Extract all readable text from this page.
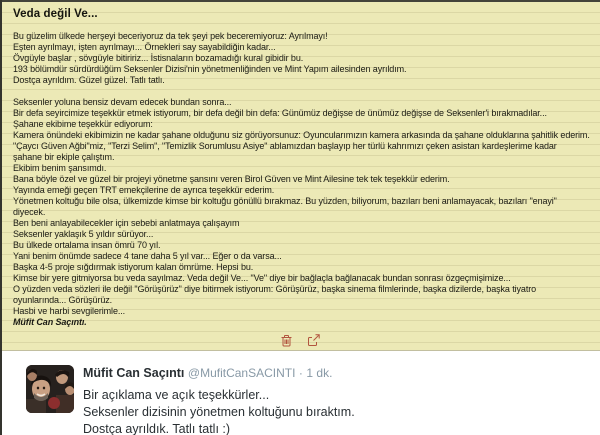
Veda değil Ve...
Bu güzelim ülkede herşeyi beceriyoruz da tek şeyi pek beceremiyoruz: Ayrılmayı!
Eşten ayrılmayı, işten ayrılmayı... Örnekleri say sayabildiğin kadar...
Övgüyle başlar , sövgüyle bitiririz... İstisnaların bozamadığı kural gibidir bu.
193 bölümdür sürdürdüğüm Seksenler Dizisi'nin yönetmenliğinden ve Mint Yapım ailesinden ayrıldım.
Dostça ayrıldım. Güzel güzel. Tatlı tatlı.
Seksenler yoluna bensiz devam edecek bundan sonra...
Bir defa seyircimize teşekkür etmek istiyorum, bir defa değil bin defa: Günümüz değişse de ünümüz değişse de Seksenler'i bırakmadılar...
Şahane ekibime teşekkür ediyorum:
Kamera önündeki ekibimizin ne kadar şahane olduğunu siz görüyorsunuz: Oyuncularımızın kamera arkasında da şahane olduklarına şahitlik ederim.
"Çaycı Güven Ağbi"miz, "Terzi Selim", "Temizlik Sorumlusu Asiye" ablamızdan başlayıp her türlü kahrımızı çeken asistan kardeşlerime kadar
şahane bir ekiple çalıştım.
Ekibim benim şansımdı.
Bana böyle özel ve güzel bir projeyi yönetme şansını veren Birol Güven ve Mint Ailesine tek tek teşekkür ederim.
Yayında emeği geçen TRT emekçilerine de ayrıca teşekkür ederim.
Yönetmen koltuğu bile olsa, ülkemizde kimse bir koltuğu gönüllü bırakmaz. Bu yüzden, biliyorum, bazıları beni anlamayacak, bazıları "enayi"
diyecek.
Ben beni anlayabilecekler için sebebi anlatmaya çalışayım
Seksenler yaklaşık 5 yıldır sürüyor...
Bu ülkede ortalama insan ömrü 70 yıl.
Yani benim önümde sadece 4 tane daha 5 yıl var... Eğer o da varsa...
Başka 4-5 proje sığdırmak istiyorum kalan ömrüme. Hepsi bu.
Kimse bir yere gitmiyorsa bu veda sayılmaz. Veda değil Ve... "Ve" diye bir bağlaçla bağlanacak bundan sonrası özgeçmişimize...
O yüzden veda sözleri ile değil "Görüşürüz" diye bitirmek istiyorum: Görüşürüz, başka sinema filmlerinde, başka dizilerde, başka tiyatro
oyunlarında... Görüşürüz.
Hasbi ve harbi sevgilerimle...
Müfit Can Saçıntı.
Müfit Can Saçıntı @MufitCanSACINTI · 1 dk.
Bir açıklama ve açık teşekkürler...
Seksenler dizisinin yönetmen koltuğunu bıraktım.
Dostça ayrıldık. Tatlı tatlı :)
